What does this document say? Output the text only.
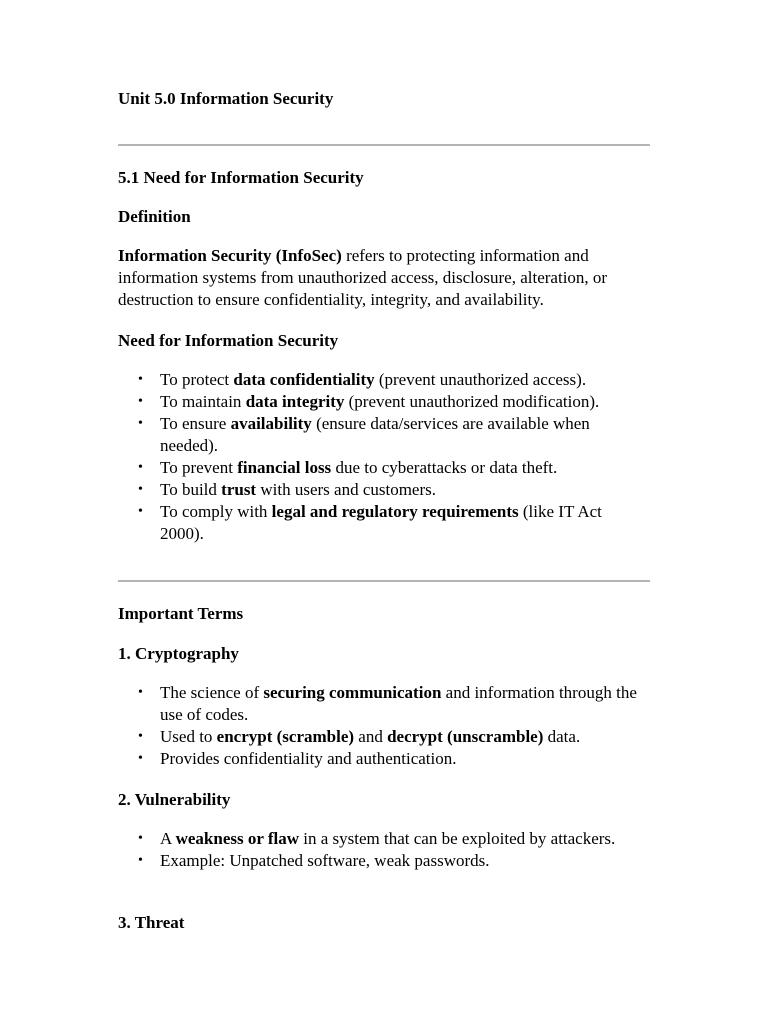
Unit 5.0 Information Security
5.1 Need for Information Security
Definition

Information Security (InfoSec) refers to protecting information and information systems from unauthorized access, disclosure, alteration, or destruction to ensure confidentiality, integrity, and availability.

Need for Information Security
• To protect data confidentiality (prevent unauthorized access).
• To maintain data integrity (prevent unauthorized modification).
• To ensure availability (ensure data/services are available when needed).
• To prevent financial loss due to cyberattacks or data theft.
• To build trust with users and customers.
• To comply with legal and regulatory requirements (like IT Act 2000).
Important Terms
1. Cryptography
• The science of securing communication and information through the use of codes.
• Used to encrypt (scramble) and decrypt (unscramble) data.
• Provides confidentiality and authentication.
2. Vulnerability
• A weakness or flaw in a system that can be exploited by attackers.
• Example: Unpatched software, weak passwords.
3. Threat
